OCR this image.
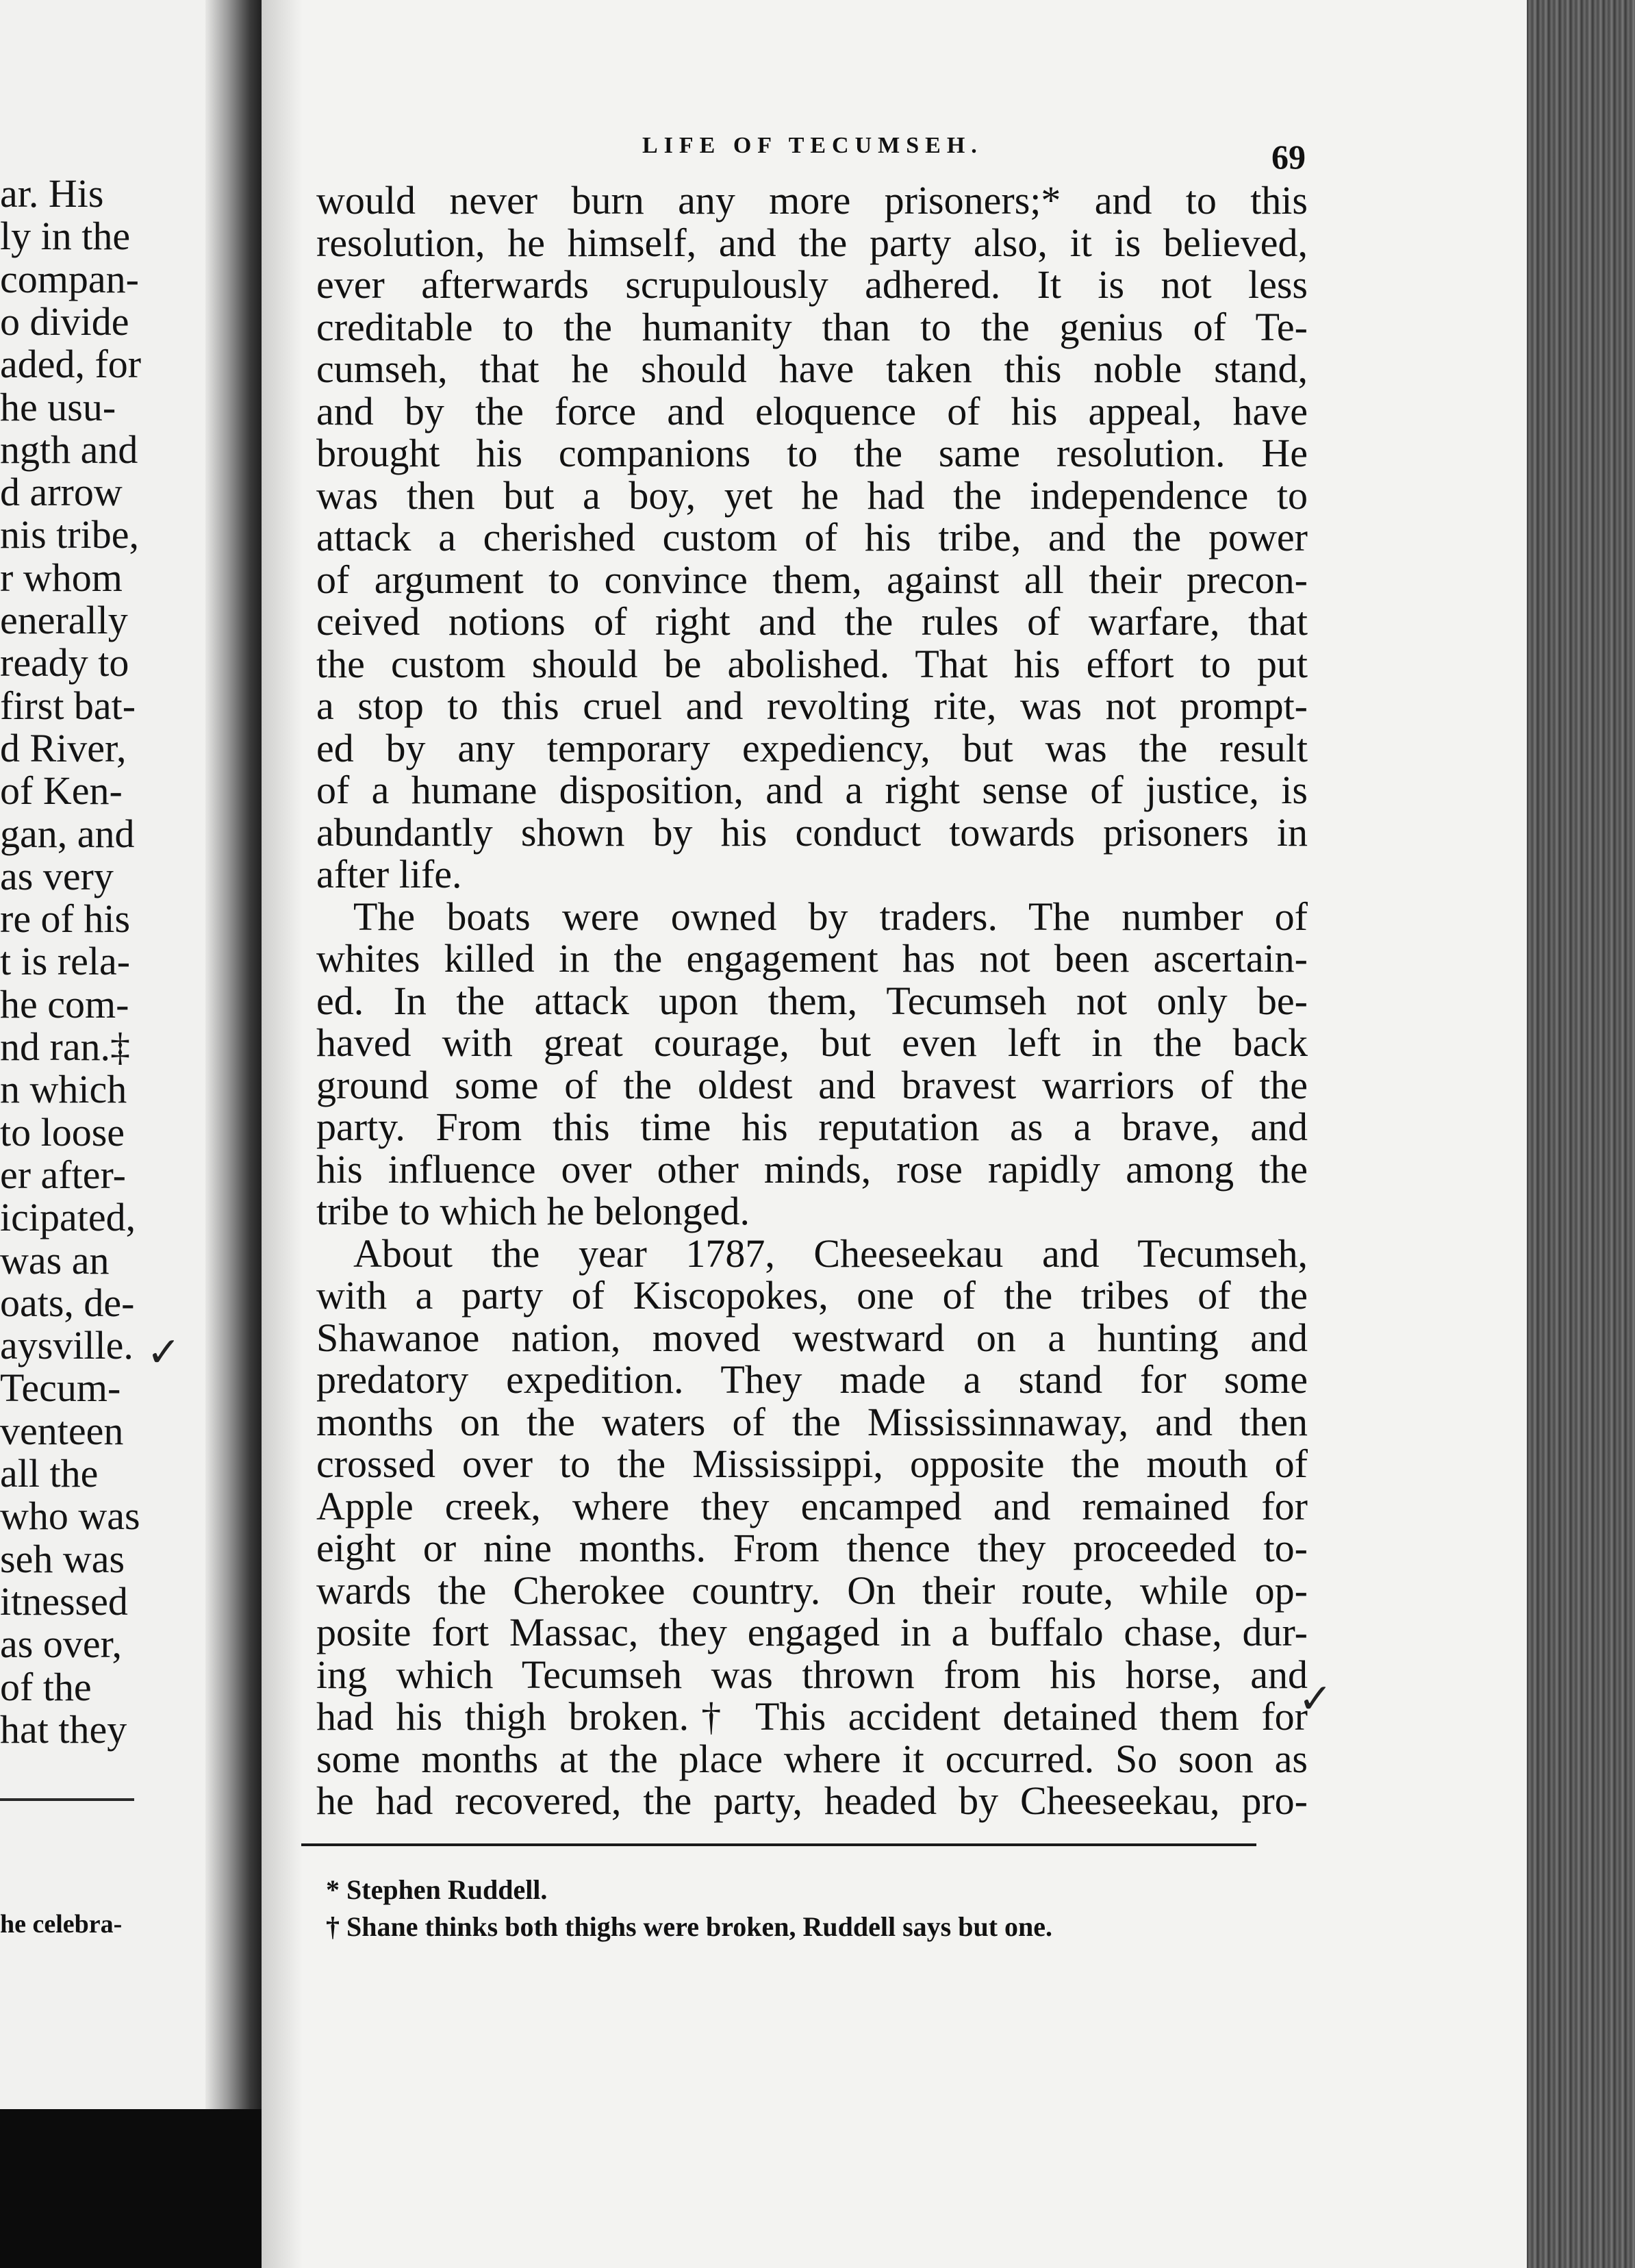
LIFE OF TECUMSEH.	69
he celebra-
* Stephen Ruddell.
† Shane thinks both thighs were broken, Ruddell says but one.
✓
✓
ar. His
ly in the
compan-
o divide
aded, for
he usu-
ngth and
d arrow
nis tribe,
r whom
enerally
ready to
first bat-
d River,
of Ken-
gan, and
as very
re of his
t is rela-
he com-
nd ran.‡
n which
to loose
er after-
icipated,
was an
oats, de-
aysville.
Tecum-
venteen
all the
who was
seh was
itnessed
as over,
of the
hat they
would never burn any more prisoners;* and to this
resolution, he himself, and the party also, it is believed,
ever afterwards scrupulously adhered. It is not less
creditable to the humanity than to the genius of Te-
cumseh, that he should have taken this noble stand,
and by the force and eloquence of his appeal, have
brought his companions to the same resolution. He
was then but a boy, yet he had the independence to
attack a cherished custom of his tribe, and the power
of argument to convince them, against all their precon-
ceived notions of right and the rules of warfare, that
the custom should be abolished. That his effort to put
a stop to this cruel and revolting rite, was not prompt-
ed by any temporary expediency, but was the result
of a humane disposition, and a right sense of justice, is
abundantly shown by his conduct towards prisoners in
after life.
The boats were owned by traders. The number of
whites killed in the engagement has not been ascertain-
ed. In the attack upon them, Tecumseh not only be-
haved with great courage, but even left in the back
ground some of the oldest and bravest warriors of the
party. From this time his reputation as a brave, and
his influence over other minds, rose rapidly among the
tribe to which he belonged.
About the year 1787, Cheeseekau and Tecumseh,
with a party of Kiscopokes, one of the tribes of the
Shawanoe nation, moved westward on a hunting and
predatory expedition. They made a stand for some
months on the waters of the Mississinnaway, and then
crossed over to the Mississippi, opposite the mouth of
Apple creek, where they encamped and remained for
eight or nine months. From thence they proceeded to-
wards the Cherokee country. On their route, while op-
posite fort Massac, they engaged in a buffalo chase, dur-
ing which Tecumseh was thrown from his horse, and
had his thigh broken.† This accident detained them for
some months at the place where it occurred. So soon as
he had recovered, the party, headed by Cheeseekau, pro-
